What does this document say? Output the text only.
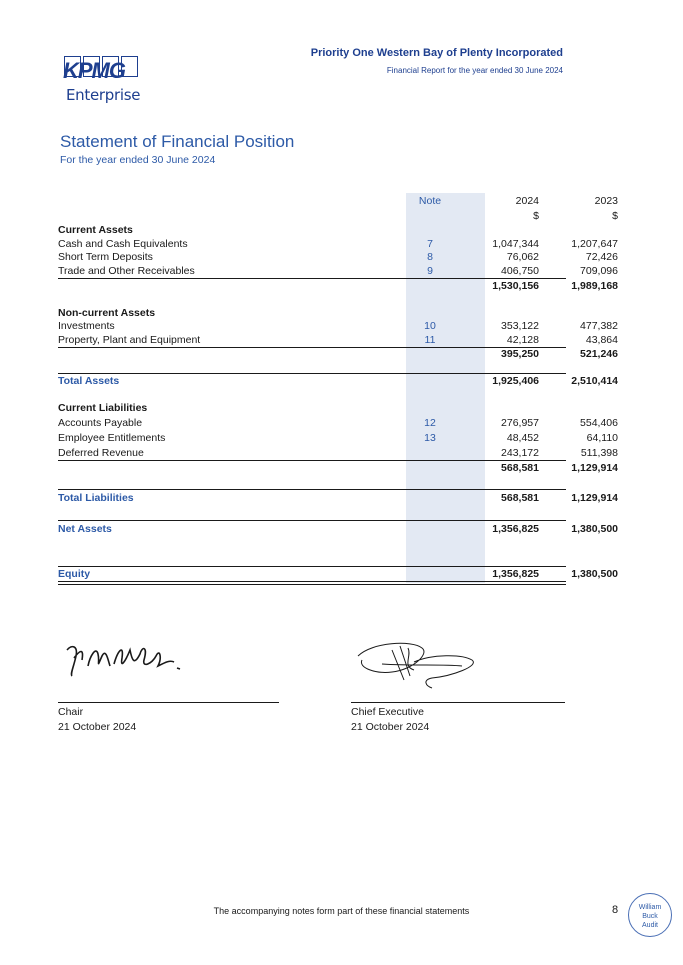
Priority One Western Bay of Plenty Incorporated
Financial Report for the year ended 30 June 2024
KPMG
Enterprise
Statement of Financial Position
For the year ended 30 June 2024
Note	2024	2023
$	$
Current Assets
Cash and Cash Equivalents	7	1,047,344	1,207,647
Short Term Deposits	8	76,062	72,426
Trade and Other Receivables	9	406,750	709,096
1,530,156	1,989,168
Non-current Assets
Investments	10	353,122	477,382
Property, Plant and Equipment	11	42,128	43,864
395,250	521,246
Total Assets	1,925,406	2,510,414
Current Liabilities
Accounts Payable	12	276,957	554,406
Employee Entitlements	13	48,452	64,110
Deferred Revenue	243,172	511,398
568,581	1,129,914
Total Liabilities	568,581	1,129,914
Net Assets	1,356,825	1,380,500
Equity	1,356,825	1,380,500
Chair
21 October 2024
Chief Executive
21 October 2024
The accompanying notes form part of these financial statements	8	William
Buck
Audit
